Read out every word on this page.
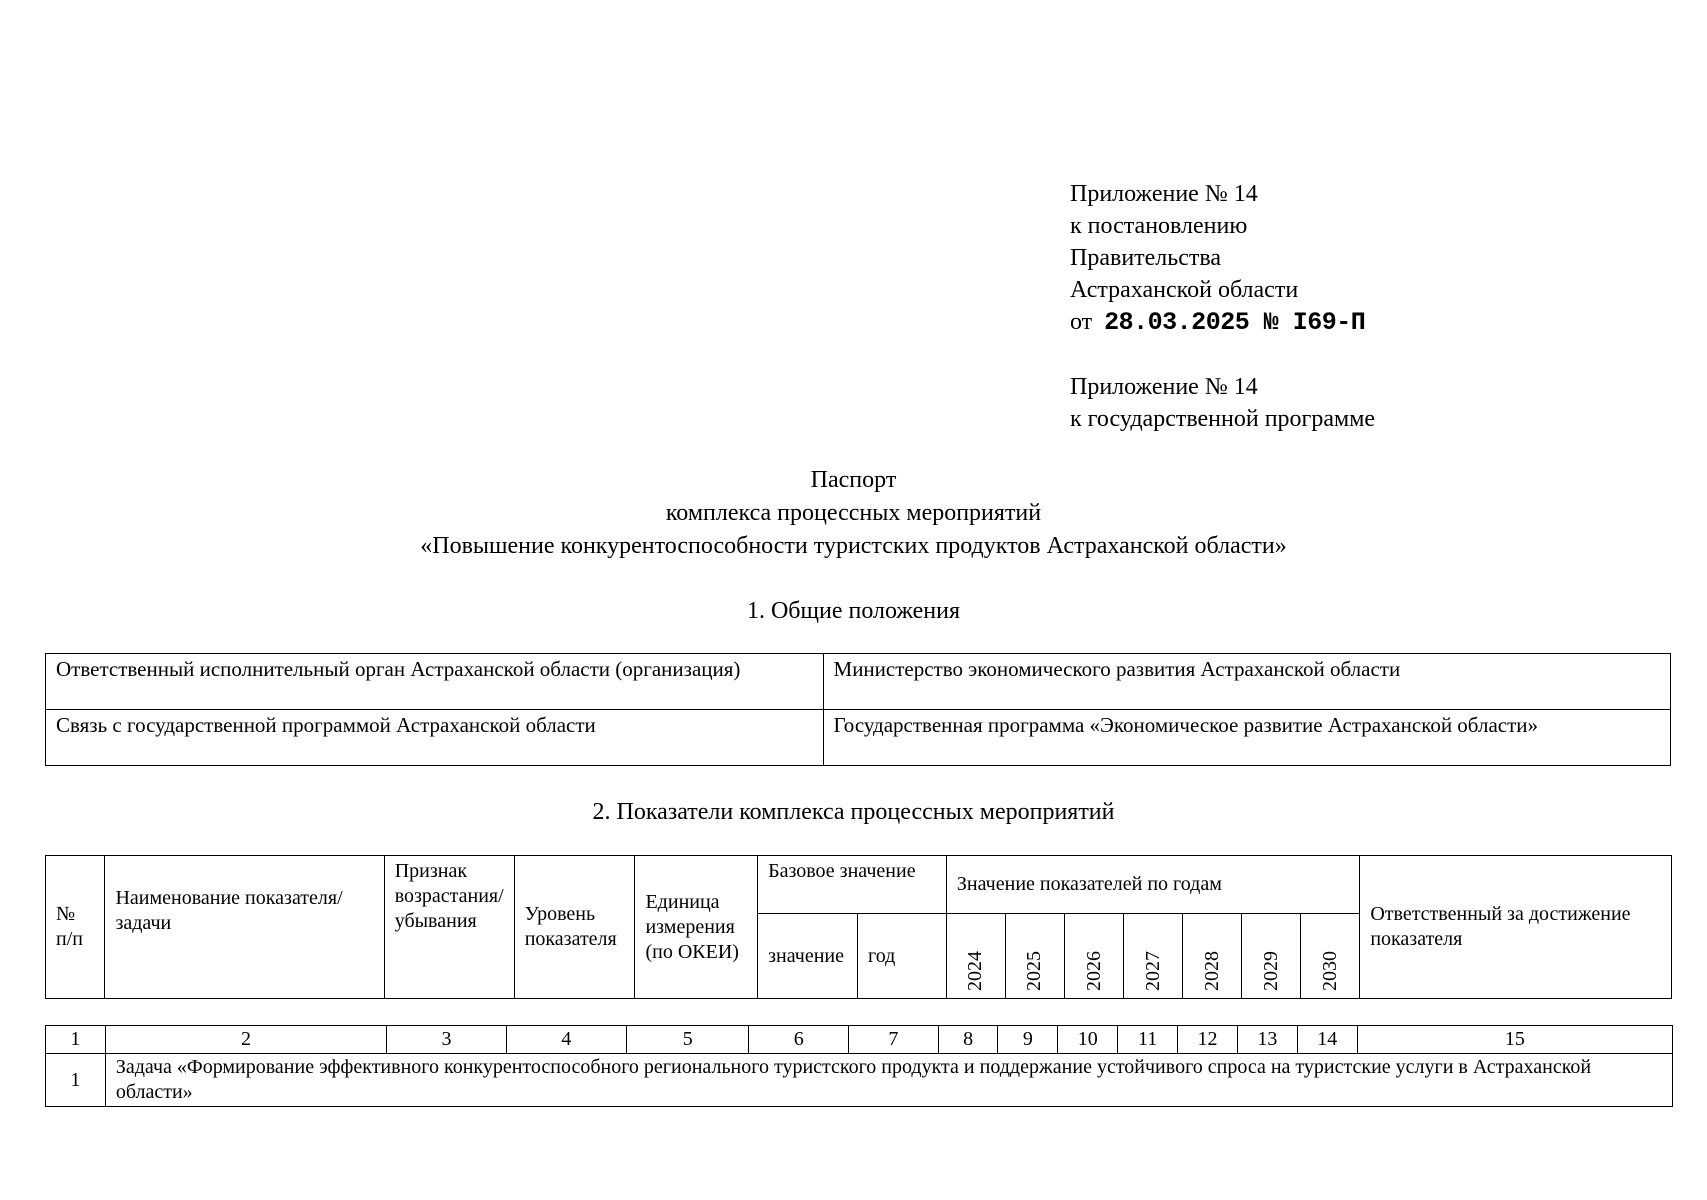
Приложение № 14
к постановлению
Правительства
Астраханской области
от 28.03.2025 № I69-П
Приложение № 14
к государственной программе
Паспорт
комплекса процессных мероприятий
«Повышение конкурентоспособности туристских продуктов Астраханской области»
1. Общие положения
Ответственный исполнительный орган Астраханской области (организация)	Министерство экономического развития Астраханской области
Связь с государственной программой Астраханской области	Государственная программа «Экономическое развитие Астраханской области»
2. Показатели комплекса процессных мероприятий
№ п/п	Наименование показателя/задачи	Признак возрастания/ убывания	Уровень показателя	Единица измерения (по ОКЕИ)	Базовое значение		Значение показателей по годам							Ответственный за достижение показателя
					значение	год	2024	2025	2026	2027	2028	2029	2030	
1	2	3	4	5	6	7	8	9	10	11	12	13	14	15
1	Задача «Формирование эффективного конкурентоспособного регионального туристского продукта и поддержание устойчивого спроса на туристские услуги в Астраханской области»													
